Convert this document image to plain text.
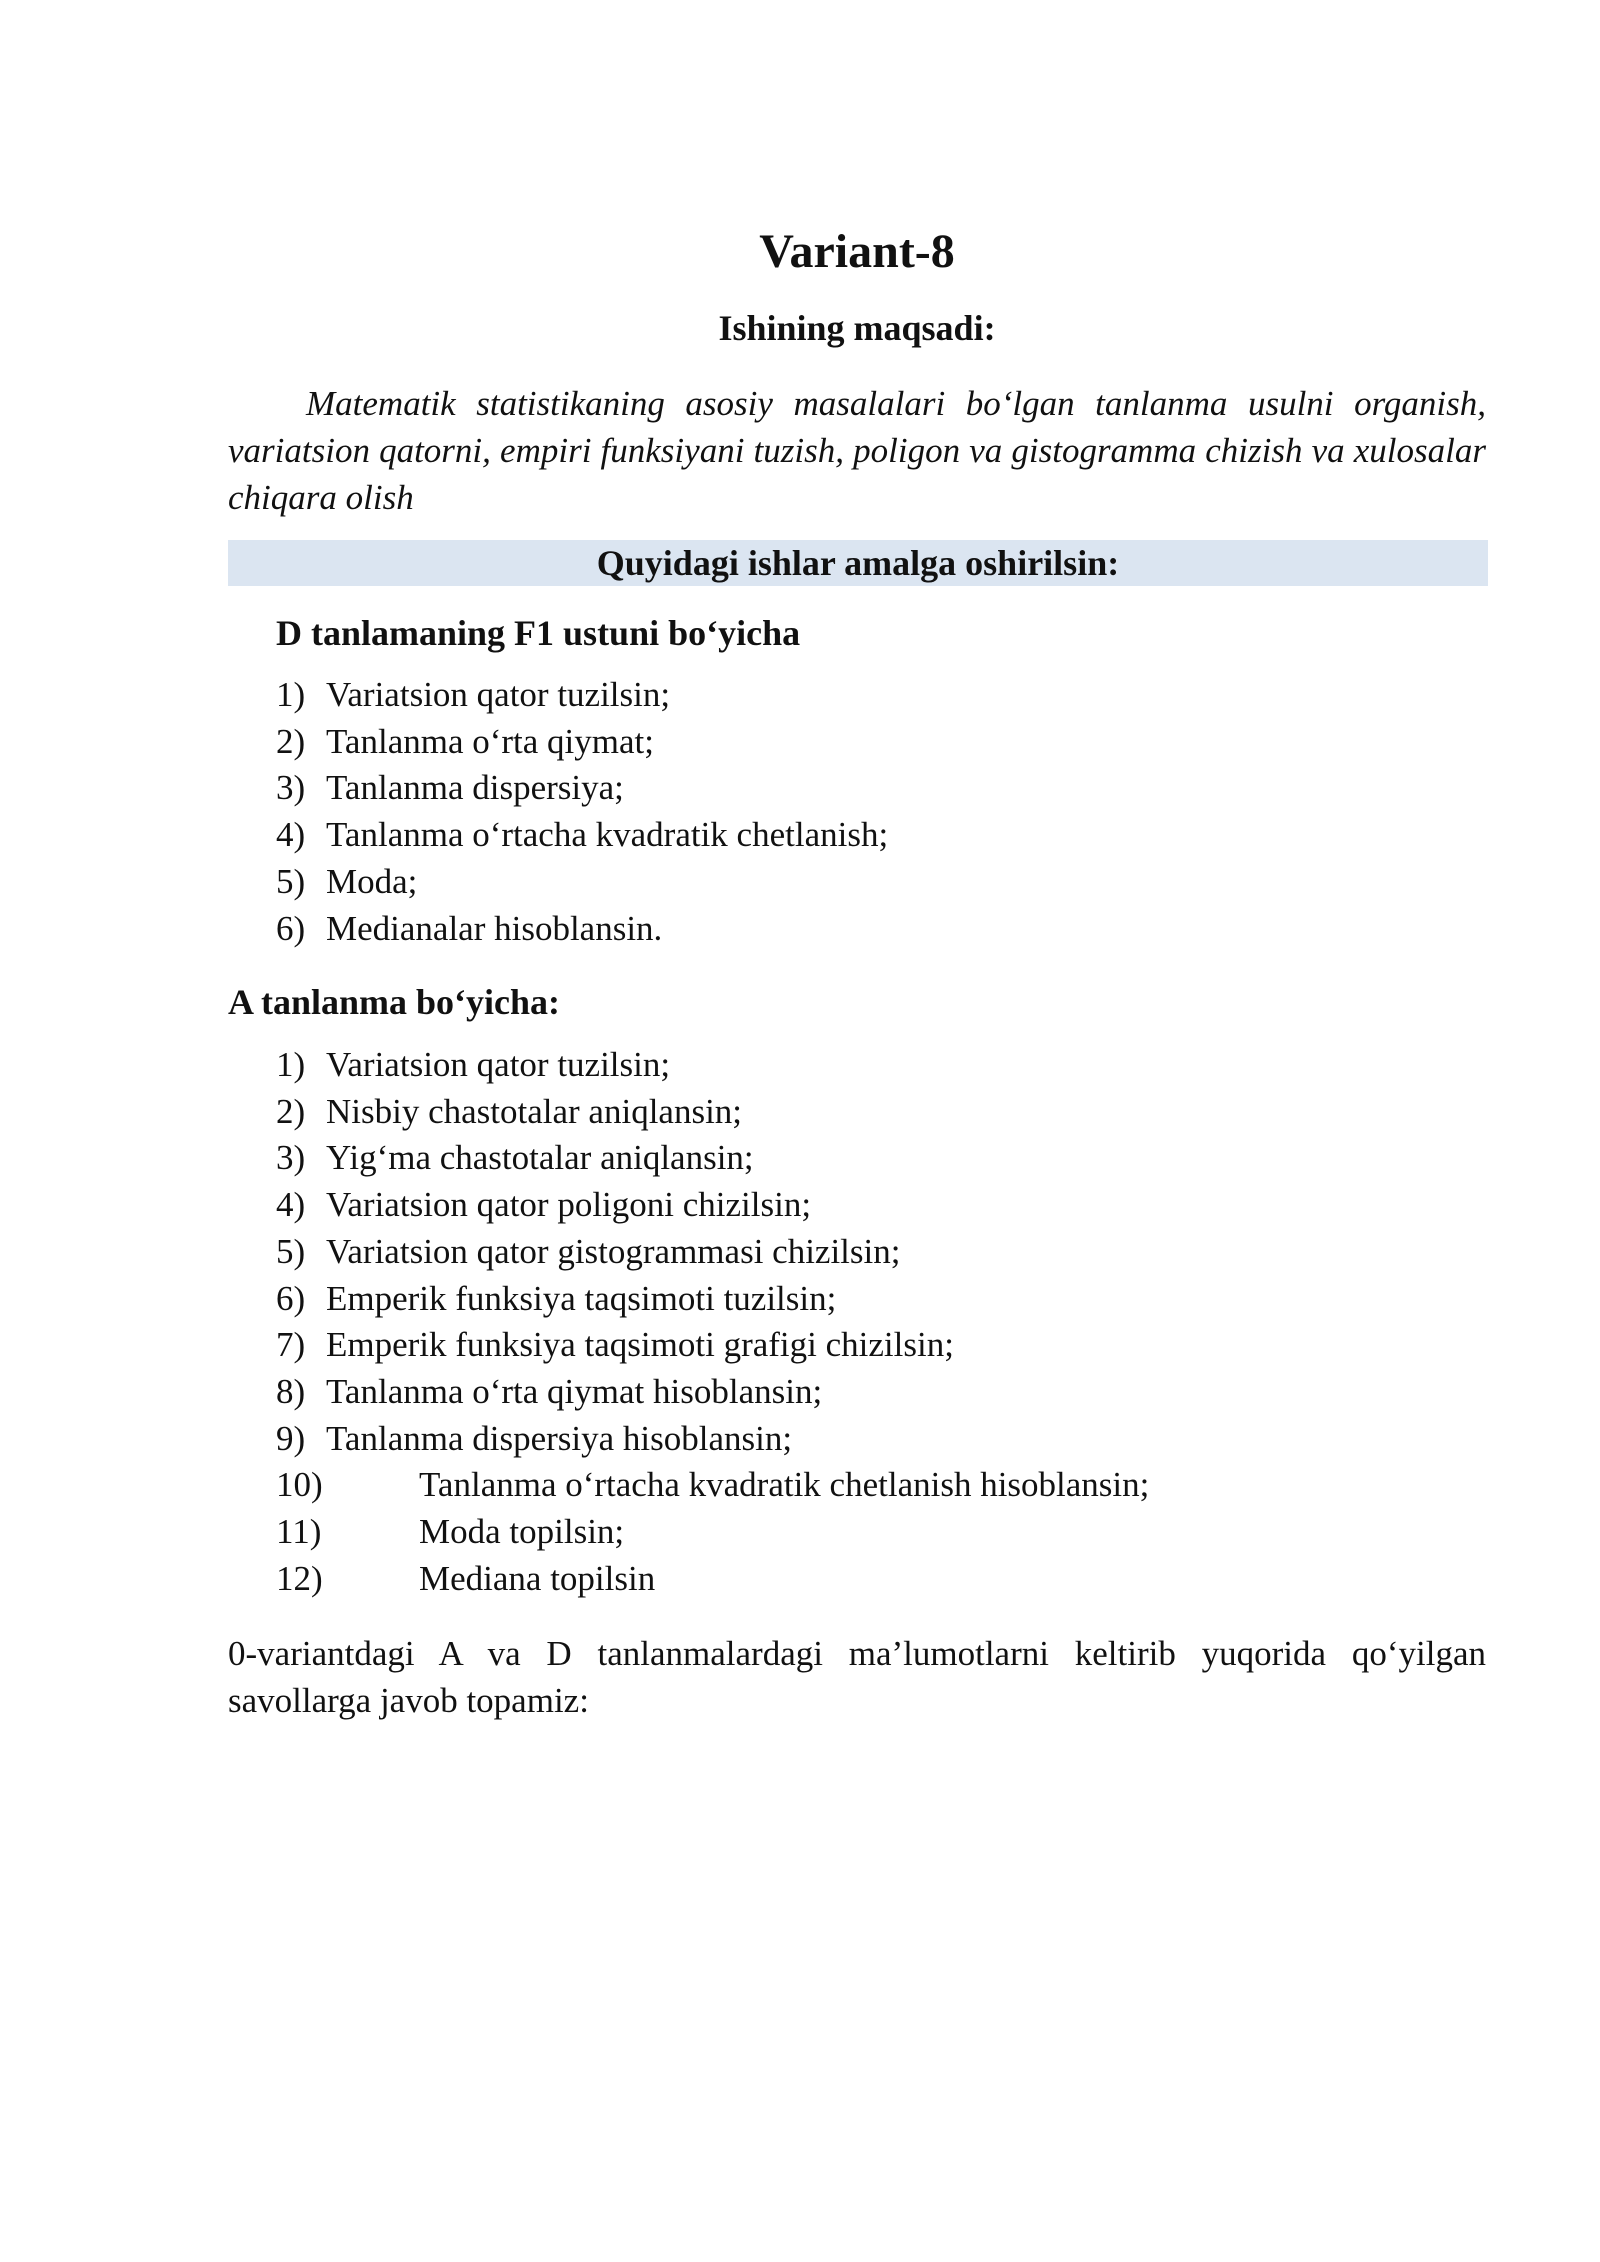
Variant-8
Ishining maqsadi:
Matematik statistikaning asosiy masalalari bo‘lgan tanlanma usulni organish, variatsion qatorni, empiri funksiyani tuzish, poligon va gistogramma chizish va xulosalar chiqara olish
Quyidagi ishlar amalga oshirilsin:
D tanlamaning F1 ustuni bo‘yicha
1) Variatsion qator tuzilsin;
2) Tanlanma o‘rta qiymat;
3) Tanlanma dispersiya;
4) Tanlanma o‘rtacha kvadratik chetlanish;
5) Moda;
6) Medianalar hisoblansin.
A tanlanma bo‘yicha:
1) Variatsion qator tuzilsin;
2) Nisbiy chastotalar aniqlansin;
3) Yig‘ma chastotalar aniqlansin;
4) Variatsion qator poligoni chizilsin;
5) Variatsion qator gistogrammasi chizilsin;
6) Emperik funksiya taqsimoti tuzilsin;
7) Emperik funksiya taqsimoti grafigi chizilsin;
8) Tanlanma o‘rta qiymat hisoblansin;
9) Tanlanma dispersiya hisoblansin;
10)	Tanlanma o‘rtacha kvadratik chetlanish hisoblansin;
11)	Moda topilsin;
12)	Mediana topilsin
0-variantdagi A va D tanlanmalardagi ma’lumotlarni keltirib yuqorida qo‘yilgan savollarga javob topamiz:
